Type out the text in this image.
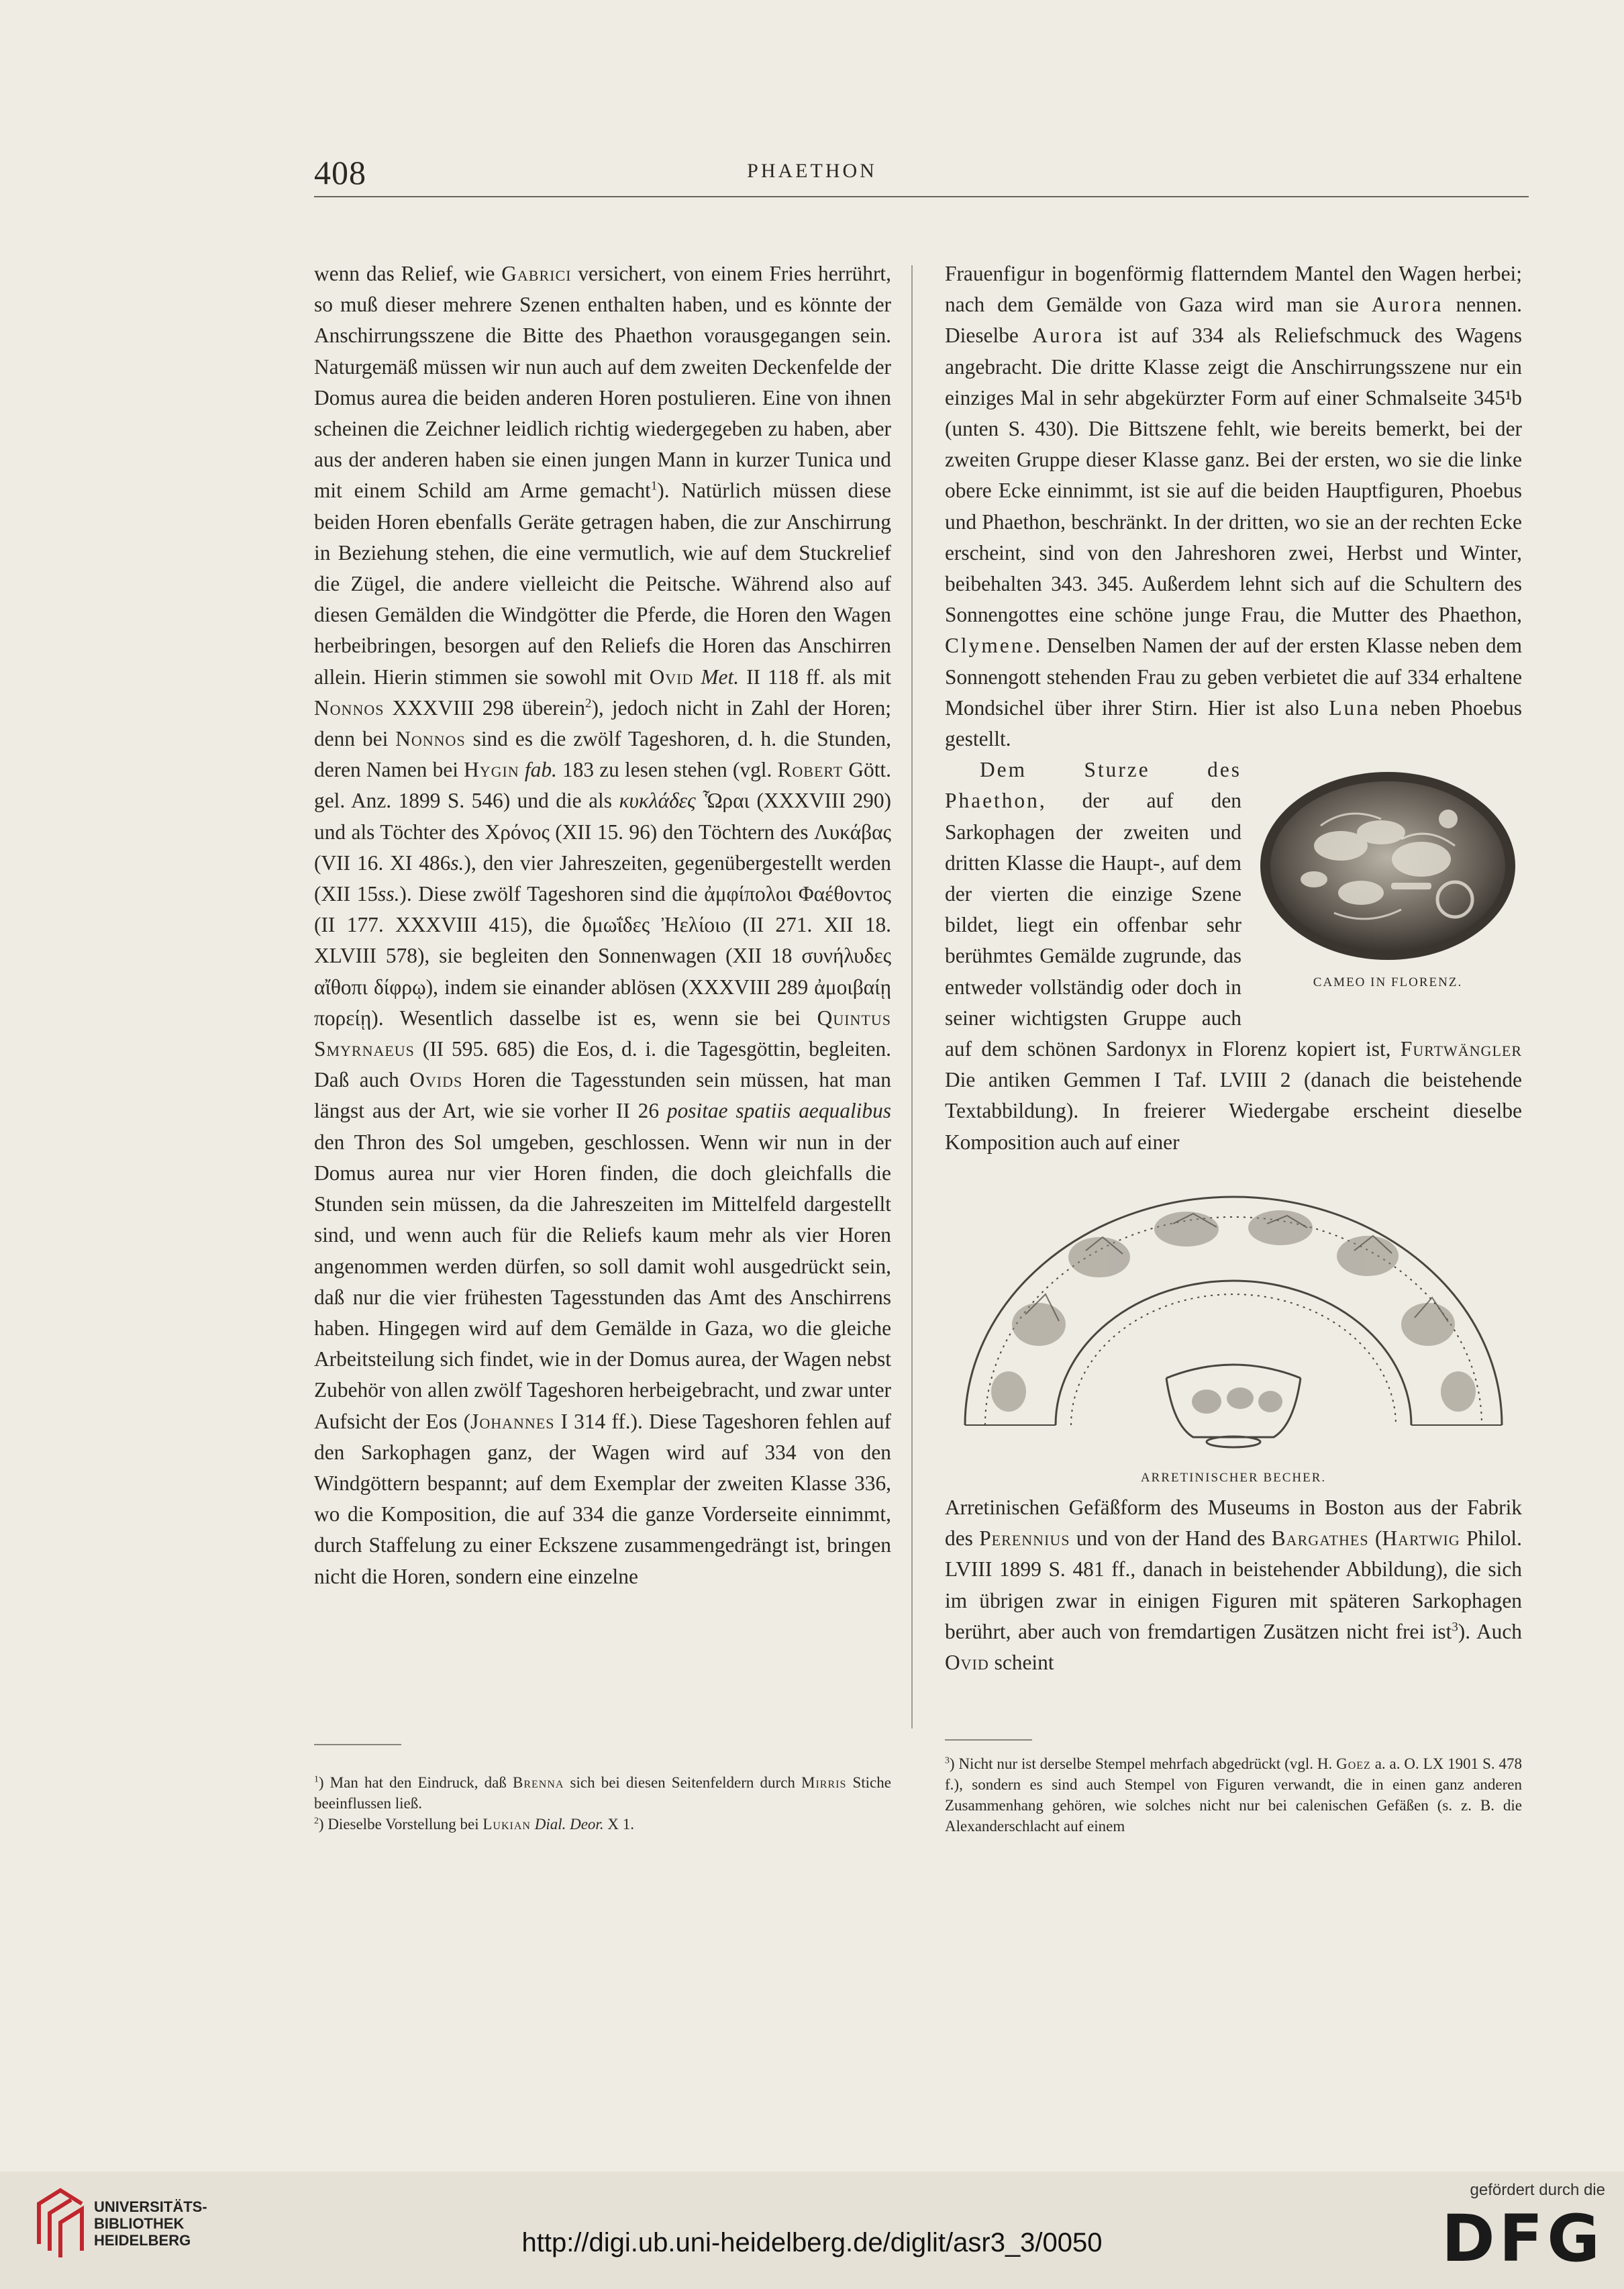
408	PHAETHON

wenn das Relief, wie Gabrici versichert, von einem Fries herrührt, so muß dieser mehrere Szenen enthalten haben, und es könnte der Anschirrungsszene die Bitte des Phaethon vorausgegangen sein. Naturgemäß müssen wir nun auch auf dem zweiten Deckenfelde der Domus aurea die beiden anderen Horen postulieren. Eine von ihnen scheinen die Zeichner leidlich richtig wiedergegeben zu haben, aber aus der anderen haben sie einen jungen Mann in kurzer Tunica und mit einem Schild am Arme gemacht$^1$). Natürlich müssen diese beiden Horen ebenfalls Geräte getragen haben, die zur Anschirrung in Beziehung stehen, die eine vermutlich, wie auf dem Stuckrelief die Zügel, die andere vielleicht die Peitsche. Während also auf diesen Gemälden die Windgötter die Pferde, die Horen den Wagen herbeibringen, besorgen auf den Reliefs die Horen das Anschirren allein. Hierin stimmen sie sowohl mit Ovid Met. II 118 ff. als mit Nonnos XXXVIII 298 überein$^2$), jedoch nicht in Zahl der Horen; denn bei Nonnos sind es die zwölf Tageshoren, d. h. die Stunden, deren Namen bei Hygin fab. 183 zu lesen stehen (vgl. Robert Gött. gel. Anz. 1899 S. 546) und die als κυκλάδες Ὧραι (XXXVIII 290) und als Töchter des Χρόνος (XII 15. 96) den Töchtern des Λυκάβας (VII 16. XI 486s.), den vier Jahreszeiten, gegenübergestellt werden (XII 15ss.). Diese zwölf Tageshoren sind die ἀμφίπολοι Φαέθοντος (II 177. XXXVIII 415), die δμωΐδες Ἠελίοιο (II 271. XII 18. XLVIII 578), sie begleiten den Sonnenwagen (XII 18 συνήλυδες αἴθοπι δίφρῳ), indem sie einander ablösen (XXXVIII 289 ἀμοιβαίῃ πορείῃ). Wesentlich dasselbe ist es, wenn sie bei Quintus Smyrnaeus (II 595. 685) die Eos, d. i. die Tagesgöttin, begleiten. Daß auch Ovids Horen die Tagesstunden sein müssen, hat man längst aus der Art, wie sie vorher II 26 positae spatiis aequalibus den Thron des Sol umgeben, geschlossen. Wenn wir nun in der Domus aurea nur vier Horen finden, die doch gleichfalls die Stunden sein müssen, da die Jahreszeiten im Mittelfeld dargestellt sind, und wenn auch für die Reliefs kaum mehr als vier Horen angenommen werden dürfen, so soll damit wohl ausgedrückt sein, daß nur die vier frühesten Tagesstunden das Amt des Anschirrens haben. Hingegen wird auf dem Gemälde in Gaza, wo die gleiche Arbeitsteilung sich findet, wie in der Domus aurea, der Wagen nebst Zubehör von allen zwölf Tageshoren herbeigebracht, und zwar unter Aufsicht der Eos (Johannes I 314 ff.). Diese Tageshoren fehlen auf den Sarkophagen ganz, der Wagen wird auf 334 von den Windgöttern bespannt; auf dem Exemplar der zweiten Klasse 336, wo die Komposition, die auf 334 die ganze Vorderseite einnimmt, durch Staffelung zu einer Eckszene zusammengedrängt ist, bringen nicht die Horen, sondern eine einzelne

Frauenfigur in bogenförmig flatterndem Mantel den Wagen herbei; nach dem Gemälde von Gaza wird man sie Aurora nennen. Dieselbe Aurora ist auf 334 als Reliefschmuck des Wagens angebracht. Die dritte Klasse zeigt die Anschirrungsszene nur ein einziges Mal in sehr abgekürzter Form auf einer Schmalseite 345¹b (unten S. 430). Die Bittszene fehlt, wie bereits bemerkt, bei der zweiten Gruppe dieser Klasse ganz. Bei der ersten, wo sie die linke obere Ecke einnimmt, ist sie auf die beiden Hauptfiguren, Phoebus und Phaethon, beschränkt. In der dritten, wo sie an der rechten Ecke erscheint, sind von den Jahreshoren zwei, Herbst und Winter, beibehalten 343. 345. Außerdem lehnt sich auf die Schultern des Sonnengottes eine schöne junge Frau, die Mutter des Phaethon, Clymene. Denselben Namen der auf der ersten Klasse neben dem Sonnengott stehenden Frau zu geben verbietet die auf 334 erhaltene Mondsichel über ihrer Stirn. Hier ist also Luna neben Phoebus gestellt.

CAMEO IN FLORENZ.

Dem Sturze des Phaethon, der auf den Sarkophagen der zweiten und dritten Klasse die Haupt-, auf dem der vierten die einzige Szene bildet, liegt ein offenbar sehr berühmtes Gemälde zugrunde, das entweder vollständig oder doch in seiner wichtigsten Gruppe auch auf dem schönen Sardonyx in Florenz kopiert ist, Furtwängler Die antiken Gemmen I Taf. LVIII 2 (danach die beistehende Textabbildung). In freierer Wiedergabe erscheint dieselbe Komposition auch auf einer

ARRETINISCHER BECHER.

Arretinischen Gefäßform des Museums in Boston aus der Fabrik des Perennius und von der Hand des Bargathes (Hartwig Philol. LVIII 1899 S. 481 ff., danach in beistehender Abbildung), die sich im übrigen zwar in einigen Figuren mit späteren Sarkophagen berührt, aber auch von fremdartigen Zusätzen nicht frei ist$^3$). Auch Ovid scheint

$^1$) Man hat den Eindruck, daß Brenna sich bei diesen Seitenfeldern durch Mirris Stiche beeinflussen ließ.

$^2$) Dieselbe Vorstellung bei Lukian Dial. Deor. X 1.

$^3$) Nicht nur ist derselbe Stempel mehrfach abgedrückt (vgl. H. Goez a. a. O. LX 1901 S. 478 f.), sondern es sind auch Stempel von Figuren verwandt, die in einen ganz anderen Zusammenhang gehören, wie solches nicht nur bei calenischen Gefäßen (s. z. B. die Alexanderschlacht auf einem

UNIVERSITÄTS-
BIBLIOTHEK
HEIDELBERG	http://digi.ub.uni-heidelberg.de/diglit/asr3_3/0050
gefördert durch die
DFG
